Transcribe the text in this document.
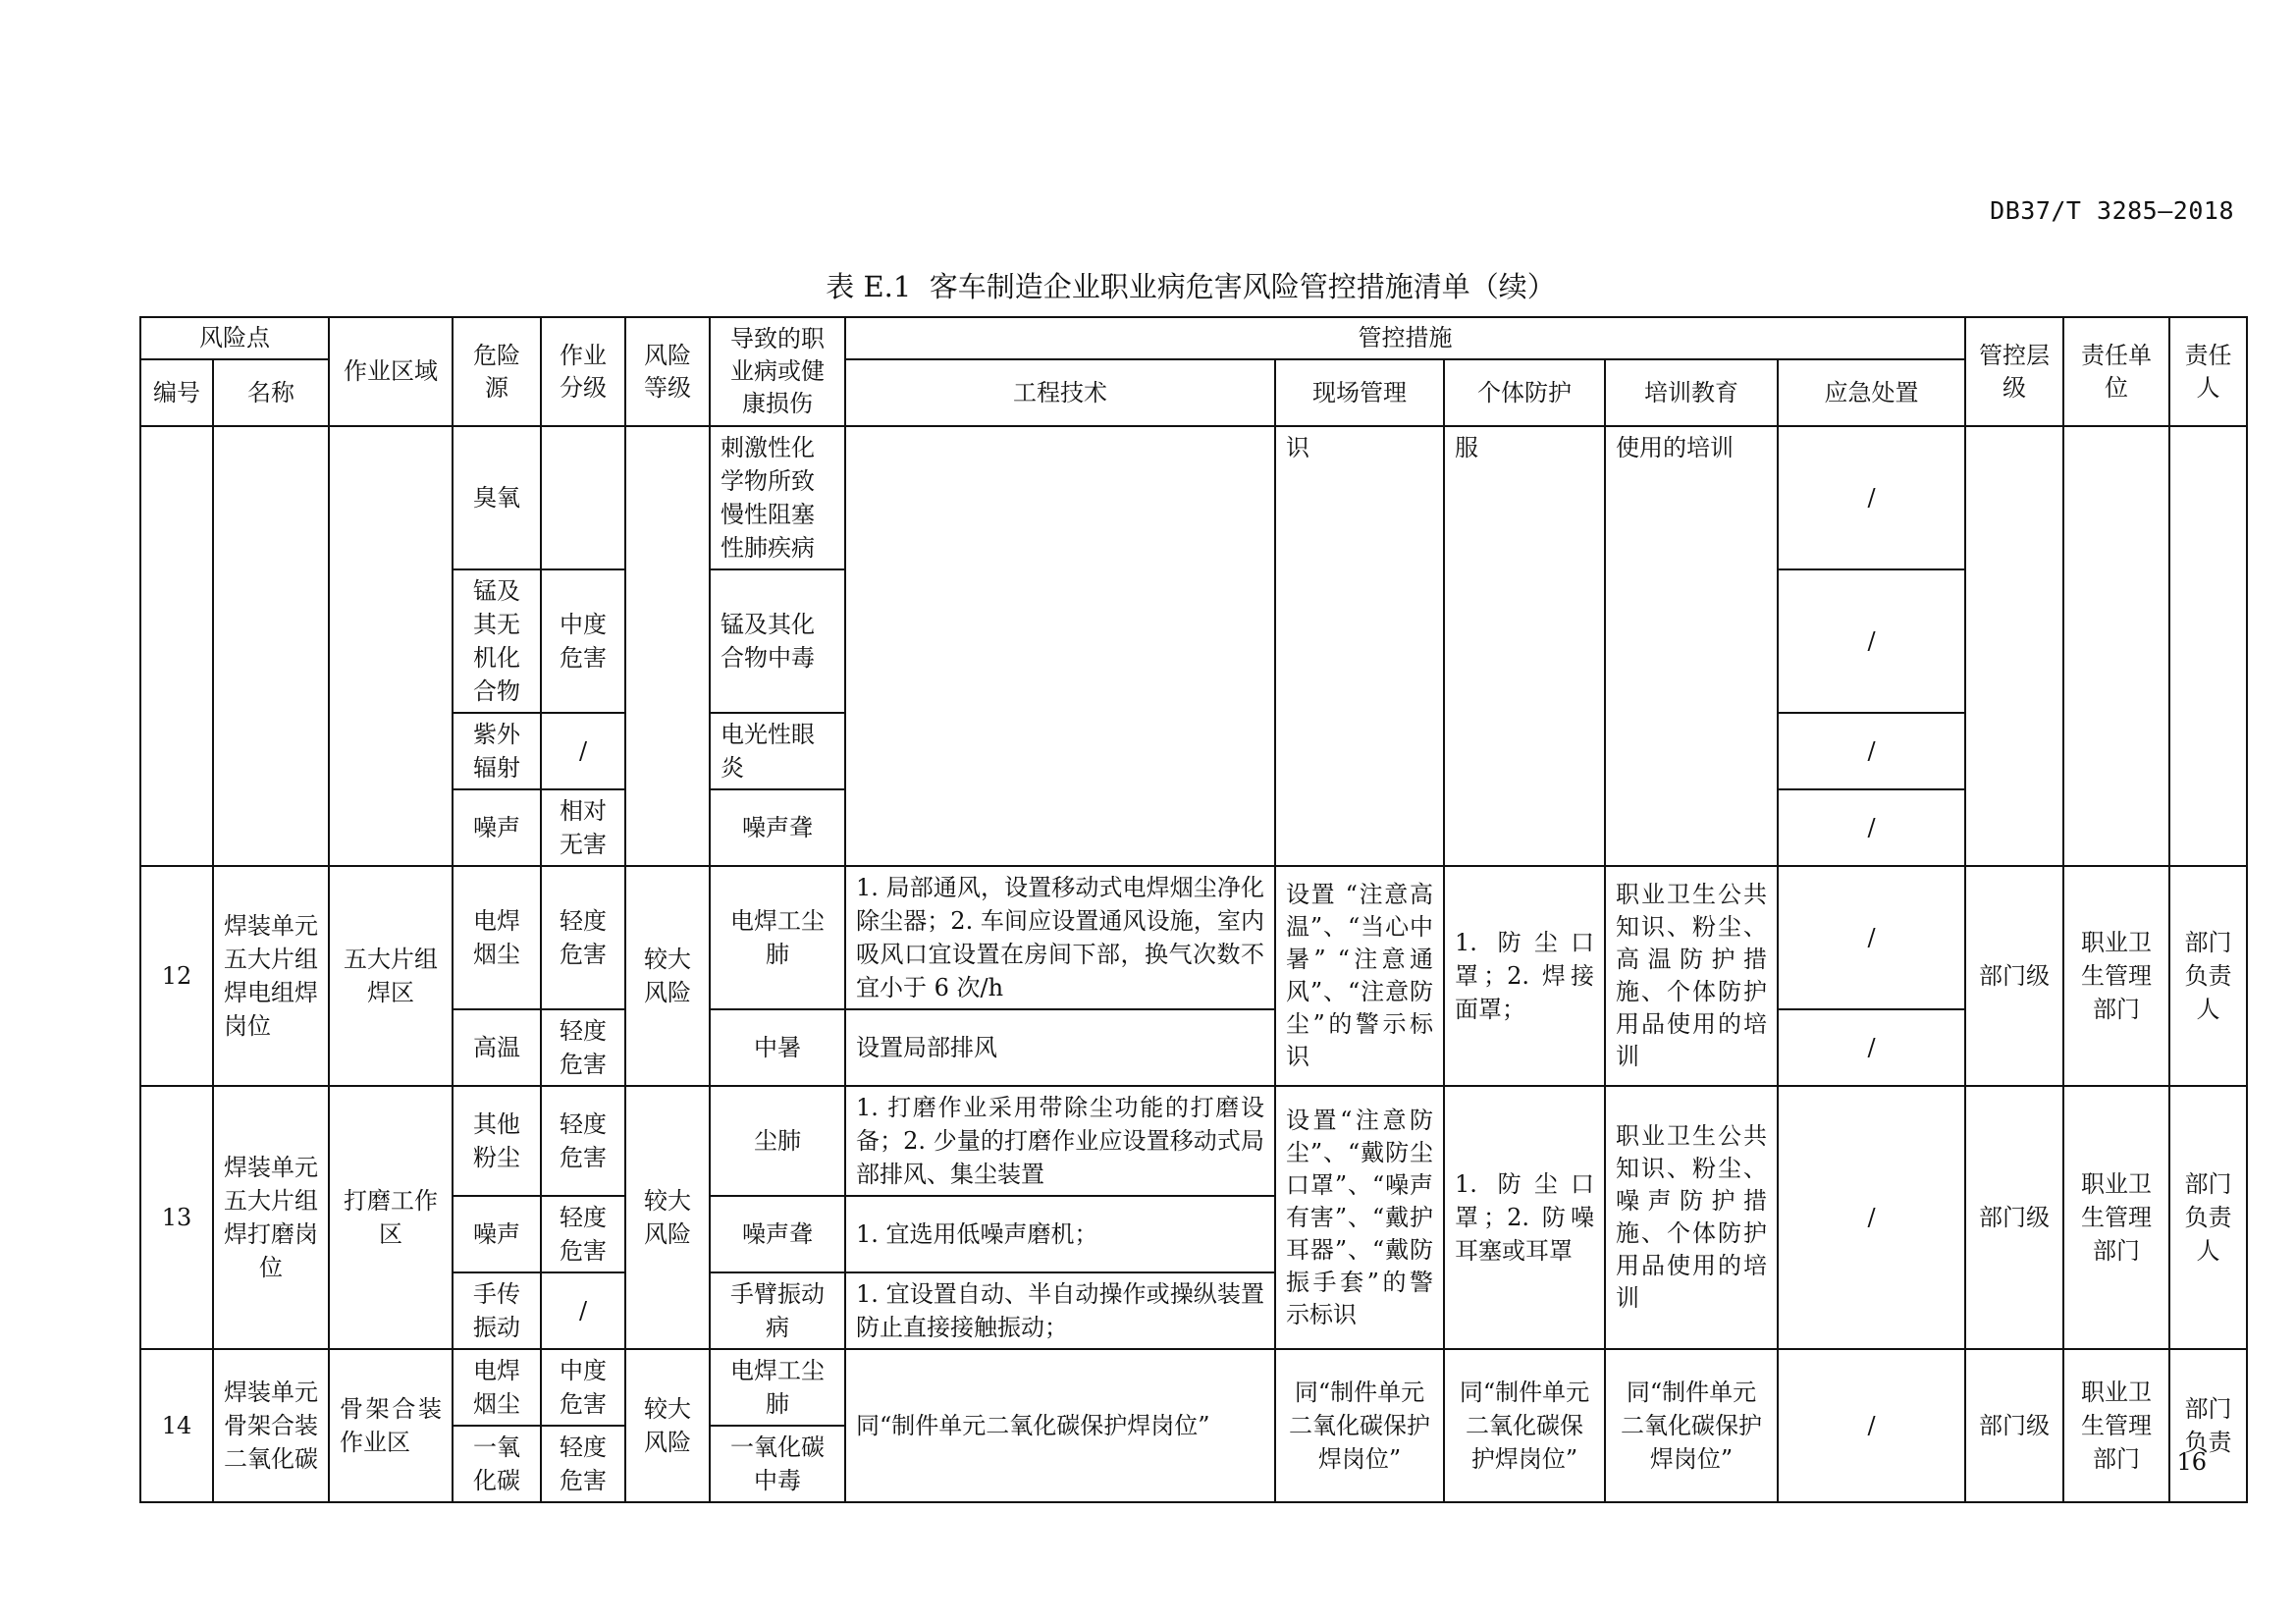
DB37/T 3285—2018
表 E.1  客车制造企业职业病危害风险管控措施清单（续）
风险点		作业区域	危险源	作业分级	风险等级	导致的职业病或健康损伤	管控措施					管控层级	责任单位	责任人
编号	名称						工程技术	现场管理	个体防护	培训教育	应急处置			
			臭氧			刺激性化学物所致慢性阻塞性肺疾病		识	服	使用的培训	/			
			锰及其无机化合物	中度危害		锰及其化合物中毒					/			
			紫外辐射	/		电光性眼炎					/			
			噪声	相对无害		噪声聋					/			
12	焊装单元五大片组焊电组焊岗位	五大片组焊区	电焊烟尘	轻度危害	较大风险	电焊工尘肺	1. 局部通风，设置移动式电焊烟尘净化除尘器；2. 车间应设置通风设施，室内吸风口宜设置在房间下部，换气次数不宜小于 6 次/h	设置 “注意高温”、“当心中暑” “注意通风”、“注意防尘”的警示标识	1. 防尘口罩；2. 焊接面罩；	职业卫生公共知识、粉尘、高温防护措施、个体防护用品使用的培训	/	部门级	职业卫生管理部门	部门负责人
			高温	轻度危害		中暑	设置局部排风				/			
13	焊装单元五大片组焊打磨岗位	打磨工作区	其他粉尘	轻度危害	较大风险	尘肺	1. 打磨作业采用带除尘功能的打磨设备；2. 少量的打磨作业应设置移动式局部排风、集尘装置	设置“注意防尘”、“戴防尘口罩”、“噪声有害”、“戴护耳器”、“戴防振手套”的警示标识	1. 防尘口罩；2. 防噪耳塞或耳罩	职业卫生公共知识、粉尘、噪声防护措施、个体防护用品使用的培训	/	部门级	职业卫生管理部门	部门负责人
			噪声	轻度危害		噪声聋	1. 宜选用低噪声磨机；							
			手传振动	/		手臂振动病	1. 宜设置自动、半自动操作或操纵装置防止直接接触振动；							
14	焊装单元骨架合装二氧化碳	骨架合装作业区	电焊烟尘	中度危害	较大风险	电焊工尘肺	同“制件单元二氧化碳保护焊岗位”	同“制件单元二氧化碳保护焊岗位”	同“制件单元二氧化碳保护焊岗位”	同“制件单元二氧化碳保护焊岗位”	/	部门级	职业卫生管理部门	部门负责
			一氧化碳	轻度危害		一氧化碳中毒								
16
